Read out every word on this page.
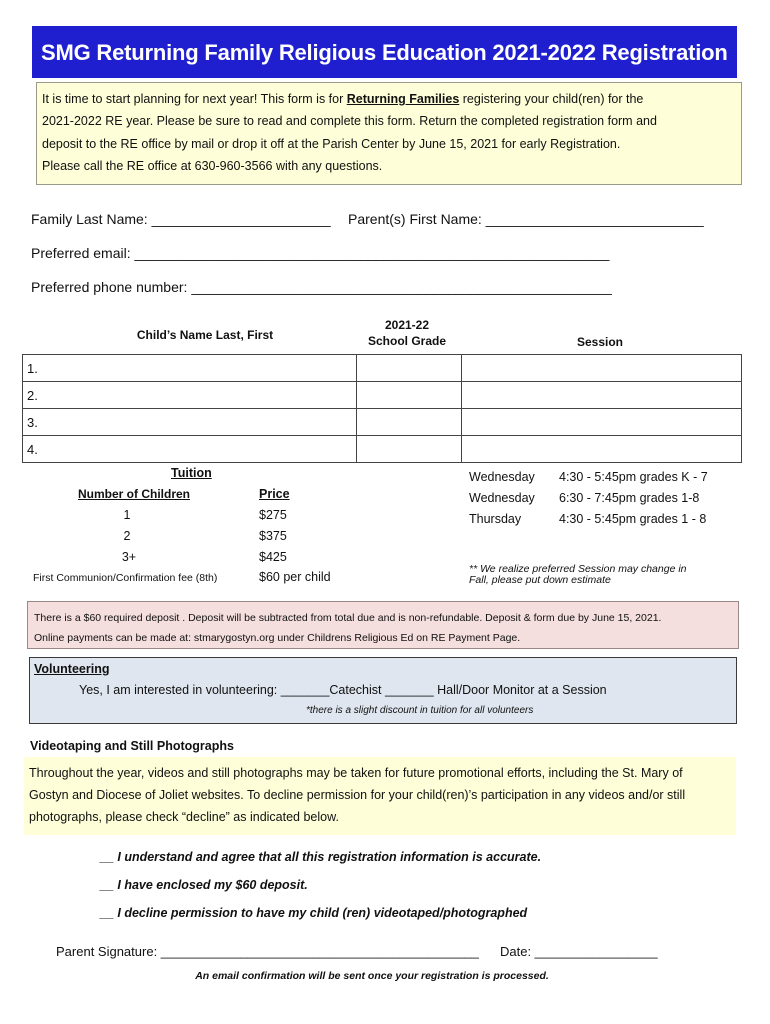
SMG Returning Family Religious Education 2021-2022 Registration

It is time to start planning for next year! This form is for Returning Families registering your child(ren) for the

2021-2022 RE year. Please be sure to read and complete this form. Return the completed registration form and

deposit to the RE office by mail or drop it off at the Parish Center by June 15, 2021 for early Registration.

Please call the RE office at 630-960-3566 with any questions.

Family Last Name: _______________________ Parent(s) First Name: ____________________________
Preferred email: _____________________________________________________________
Preferred phone number: ______________________________________________________
Child’s Name Last, First
2021-22
School Grade	Session
1.		
2.		
3.		
4.		
Tuition
Number of Children	Price
1	$275
2	$375
3+	$425
First Communion/Confirmation fee (8th)	$60 per child
Wednesday 4:30 - 5:45pm grades K - 7
Wednesday 6:30 - 7:45pm grades 1-8
Thursday	4:30 - 5:45pm grades 1 - 8
** We realize preferred Session may change in
Fall, please put down estimate

There is a $60 required deposit . Deposit will be subtracted from total due and is non-refundable. Deposit & form due by June 15, 2021.

Online payments can be made at: stmarygostyn.org under Childrens Religious Ed on RE Payment Page.

Volunteering
Yes, I am interested in volunteering: _______Catechist _______ Hall/Door Monitor at a Session
*there is a slight discount in tuition for all volunteers
Videotaping and Still Photographs

Throughout the year, videos and still photographs may be taken for future promotional efforts, including the St. Mary of

Gostyn and Diocese of Joliet websites. To decline permission for your child(ren)’s participation in any videos and/or still

photographs, please check “decline” as indicated below.

__ I understand and agree that all this registration information is accurate.
__ I have enclosed my $60 deposit.
__ I decline permission to have my child (ren) videotaped/photographed
Parent Signature: ____________________________________________ Date: _________________
An email confirmation will be sent once your registration is processed.
